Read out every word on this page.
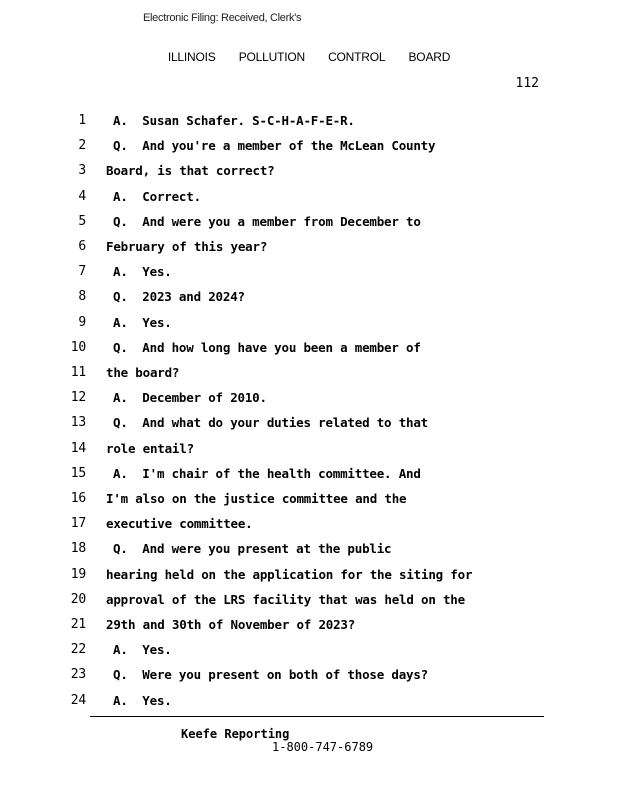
Electronic Filing: Received, Clerk's
ILLINOIS POLLUTION CONTROL BOARD
112
1 A.  Susan Schafer. S-C-H-A-F-E-R.
2 Q.  And you're a member of the McLean County
3 Board, is that correct?
4 A.  Correct.
5 Q.  And were you a member from December to
6 February of this year?
7 A.  Yes.
8 Q.  2023 and 2024?
9 A.  Yes.
10 Q.  And how long have you been a member of
11 the board?
12 A.  December of 2010.
13 Q.  And what do your duties related to that
14 role entail?
15 A.  I'm chair of the health committee. And
16 I'm also on the justice committee and the
17 executive committee.
18 Q.  And were you present at the public
19 hearing held on the application for the siting for
20 approval of the LRS facility that was held on the
21 29th and 30th of November of 2023?
22 A.  Yes.
23 Q.  Were you present on both of those days?
24 A.  Yes.
Keefe Reporting
1-800-747-6789
